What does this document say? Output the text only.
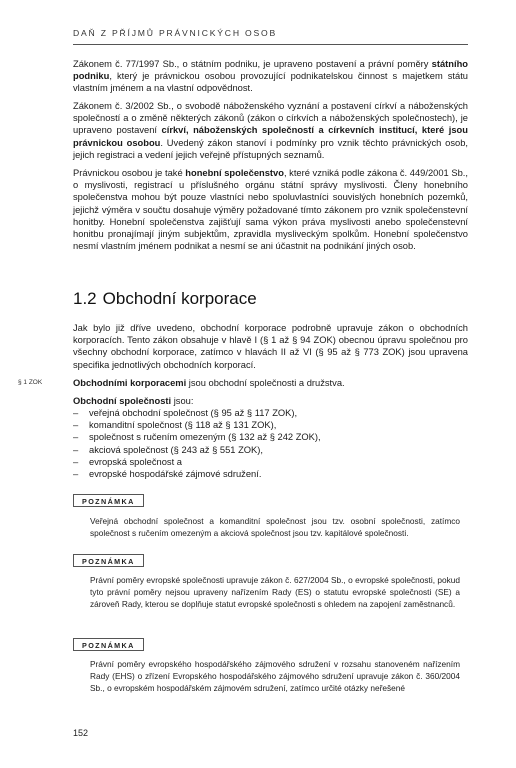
DAŇ Z PŘÍJMŮ PRÁVNICKÝCH OSOB
Zákonem č. 77/1997 Sb., o státním podniku, je upraveno postavení a právní poměry státního podniku, který je právnickou osobou provozující podnikatelskou činnost s majetkem státu vlastním jménem a na vlastní odpovědnost.
Zákonem č. 3/2002 Sb., o svobodě náboženského vyznání a postavení církví a náboženských společností a o změně některých zákonů (zákon o církvích a náboženských společnostech), je upraveno postavení církví, náboženských společností a církevních institucí, které jsou právnickou osobou. Uvedený zákon stanoví i podmínky pro vznik těchto právnických osob, jejich registraci a vedení jejich veřejně přístupných seznamů.
Právnickou osobou je také honební společenstvo, které vzniká podle zákona č. 449/2001 Sb., o myslivosti, registrací u příslušného orgánu státní správy myslivosti. Členy honebního společenstva mohou být pouze vlastníci nebo spoluvlastníci souvislých honebních pozemků, jejichž výměra v součtu dosahuje výměry požadované tímto zákonem pro vznik společenstevní honitby. Honební společenstva zajišťují sama výkon práva myslivosti anebo společenstevní honitbu pronajímají jiným subjektům, zpravidla mysliveckým spolkům. Honební společenstvo nesmí vlastním jménem podnikat a nesmí se ani účastnit na podnikání jiných osob.
1.2 Obchodní korporace
Jak bylo již dříve uvedeno, obchodní korporace podrobně upravuje zákon o obchodních korporacích. Tento zákon obsahuje v hlavě I (§ 1 až § 94 ZOK) obecnou úpravu společnou pro všechny obchodní korporace, zatímco v hlavách II až VI (§ 95 až § 773 ZOK) jsou upravena specifika jednotlivých obchodních korporací.
§ 1 ZOK	Obchodními korporacemi jsou obchodní společnosti a družstva.
Obchodní společnosti jsou:
– veřejná obchodní společnost (§ 95 až § 117 ZOK),
– komanditní společnost (§ 118 až § 131 ZOK),
– společnost s ručením omezeným (§ 132 až § 242 ZOK),
– akciová společnost (§ 243 až § 551 ZOK),
– evropská společnost a
– evropské hospodářské zájmové sdružení.
POZNÁMKA
Veřejná obchodní společnost a komanditní společnost jsou tzv. osobní společnosti, zatímco společnost s ručením omezeným a akciová společnost jsou tzv. kapitálové společnosti.
POZNÁMKA
Právní poměry evropské společnosti upravuje zákon č. 627/2004 Sb., o evropské společnosti, pokud tyto právní poměry nejsou upraveny nařízením Rady (ES) o statutu evropské společnosti (SE) a zároveň Rady, kterou se doplňuje statut evropské společnosti s ohledem na zapojení zaměstnanců.
POZNÁMKA
Právní poměry evropského hospodářského zájmového sdružení v rozsahu stanoveném nařízením Rady (EHS) o zřízení Evropského hospodářského zájmového sdružení upravuje zákon č. 360/2004 Sb., o evropském hospodářském zájmovém sdružení, zatímco určité otázky neřešené
152
